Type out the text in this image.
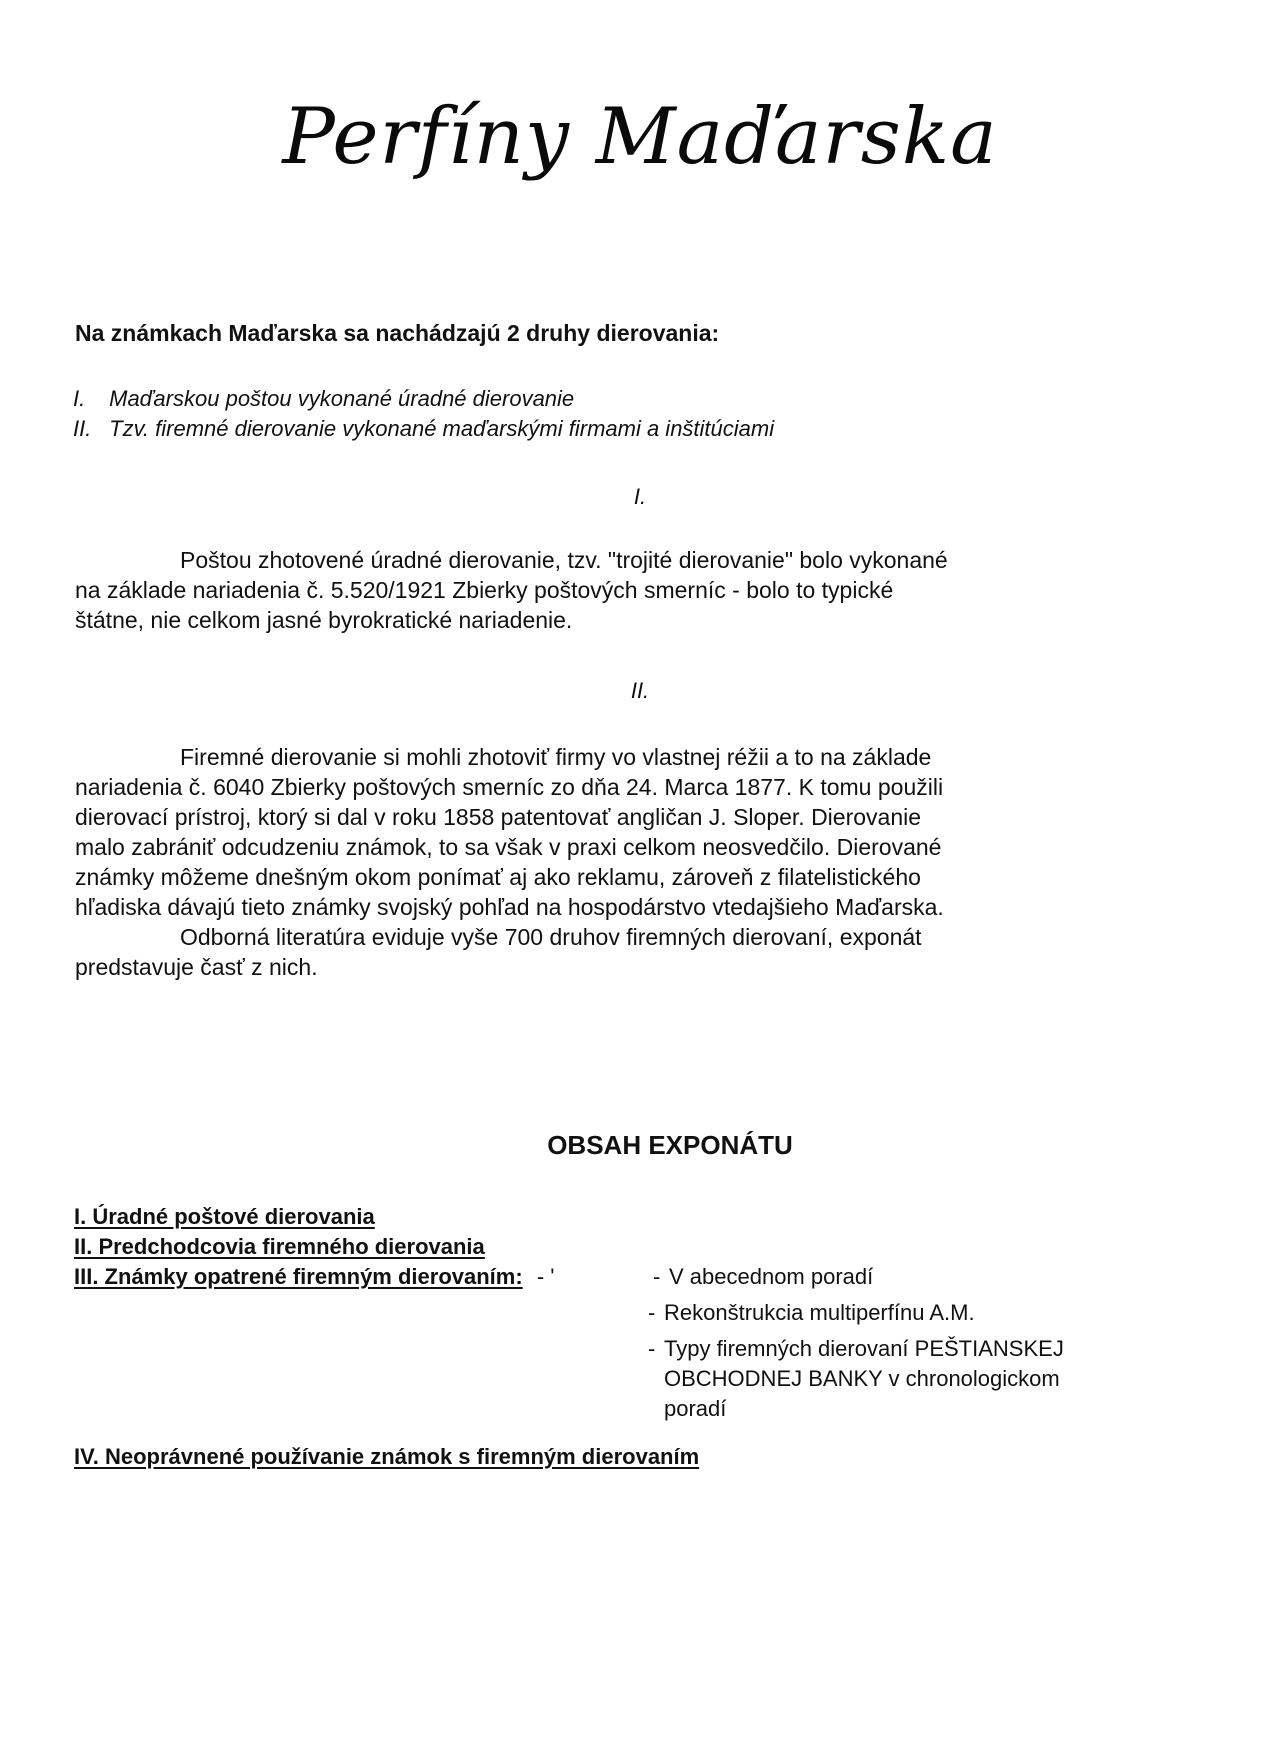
Perfíny Maďarska

Na známkach Maďarska sa nachádzajú 2 druhy dierovania:

I. Maďarskou poštou vykonané úradné dierovanie
II. Tzv. firemné dierovanie vykonané maďarskými firmami a inštitúciami

I.

Poštou zhotovené úradné dierovanie, tzv. "trojité dierovanie" bolo vykonané
na základe nariadenia č. 5.520/1921 Zbierky poštových smerníc - bolo to typické
štátne, nie celkom jasné byrokratické nariadenie.

II.

Firemné dierovanie si mohli zhotoviť firmy vo vlastnej réžii a to na základe
nariadenia č. 6040 Zbierky poštových smerníc zo dňa 24. Marca 1877. K tomu použili
dierovací prístroj, ktorý si dal v roku 1858 patentovať angličan J. Sloper. Dierovanie
malo zabrániť odcudzeniu známok, to sa však v praxi celkom neosvedčilo. Dierované
známky môžeme dnešným okom ponímať aj ako reklamu, zároveň z filatelistického
hľadiska dávajú tieto známky svojský pohľad na hospodárstvo vtedajšieho Maďarska.
Odborná literatúra eviduje vyše 700 druhov firemných dierovaní, exponát
predstavuje časť z nich.
OBSAH EXPONÁTU
I. Úradné poštové dierovania
II. Predchodcovia firemného dierovania
III. Známky opatrené firemným dierovaním: - '	- V abecednom poradí
- Rekonštrukcia multiperfínu A.M.
- Typy firemných dierovaní PEŠTIANSKEJ
OBCHODNEJ BANKY v chronologickom
poradí
IV. Neoprávnené používanie známok s firemným dierovaním
